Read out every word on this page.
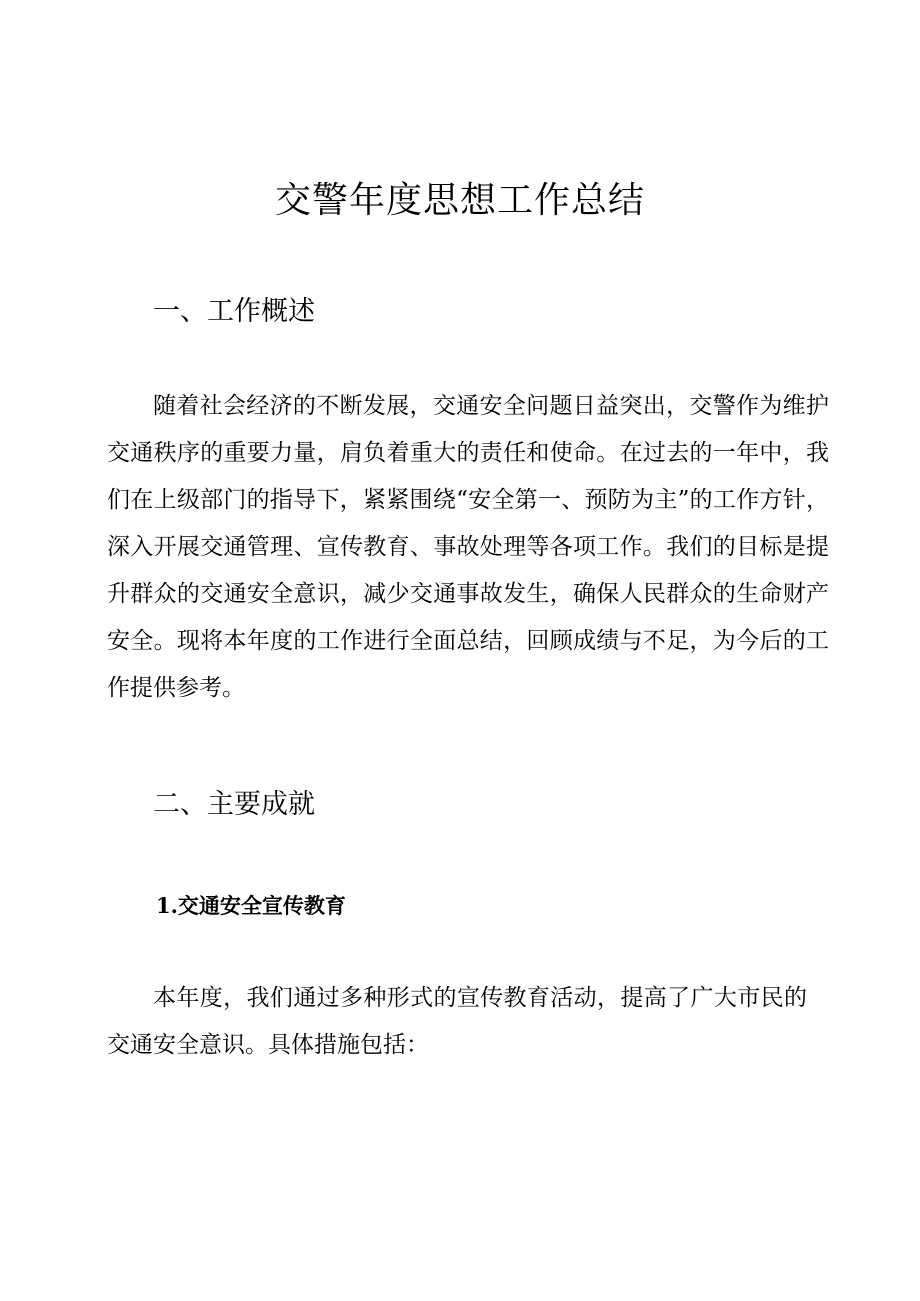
交警年度思想工作总结
一、工作概述

随着社会经济的不断发展，交通安全问题日益突出，交警作为维护交通秩序的重要力量，肩负着重大的责任和使命。在过去的一年中，我们在上级部门的指导下，紧紧围绕“安全第一、预防为主”的工作方针，深入开展交通管理、宣传教育、事故处理等各项工作。我们的目标是提升群众的交通安全意识，减少交通事故发生，确保人民群众的生命财产安全。现将本年度的工作进行全面总结，回顾成绩与不足，为今后的工作提供参考。

二、主要成就
1.交通安全宣传教育

本年度，我们通过多种形式的宣传教育活动，提高了广大市民的交通安全意识。具体措施包括：
